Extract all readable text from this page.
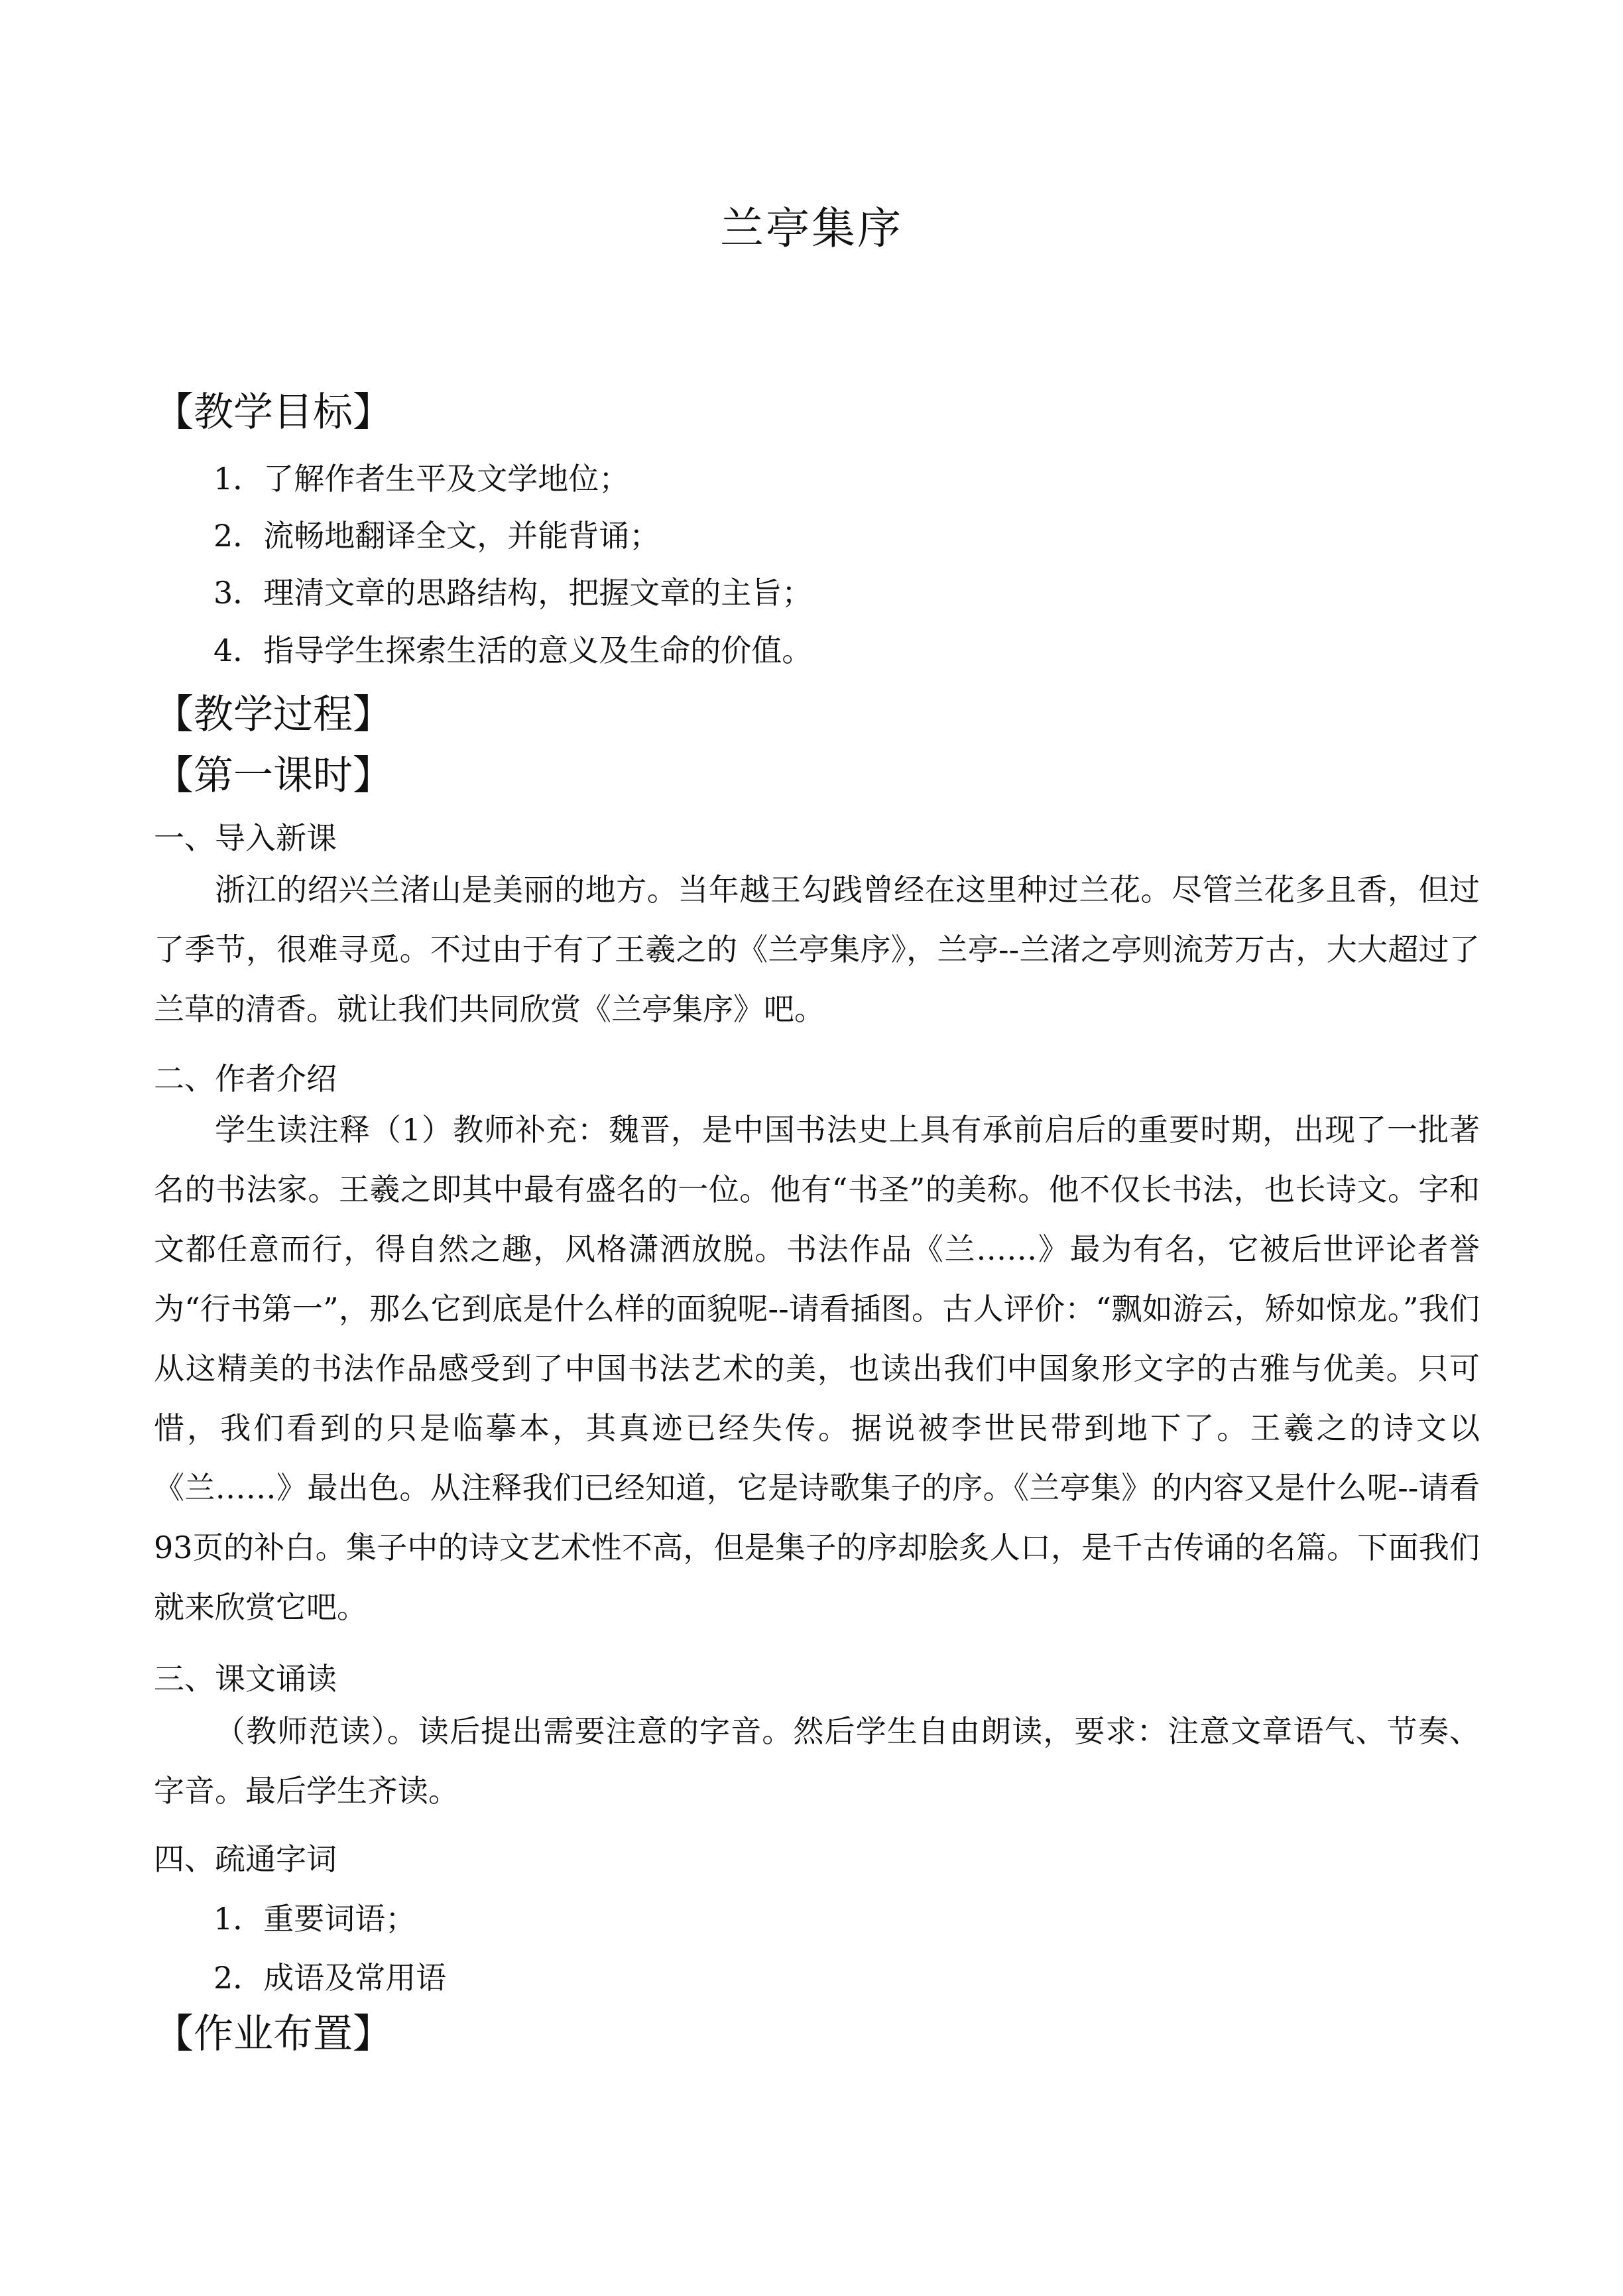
兰亭集序
【教学目标】
1．了解作者生平及文学地位；
2．流畅地翻译全文，并能背诵；
3．理清文章的思路结构，把握文章的主旨；
4．指导学生探索生活的意义及生命的价值。
【教学过程】
【第一课时】
一、导入新课

浙江的绍兴兰渚山是美丽的地方。当年越王勾践曾经在这里种过兰花。尽管兰花多且香，但过了季节，很难寻觅。不过由于有了王羲之的《兰亭集序》，兰亭--兰渚之亭则流芳万古，大大超过了兰草的清香。就让我们共同欣赏《兰亭集序》吧。

二、作者介绍

学生读注释（1）教师补充：魏晋，是中国书法史上具有承前启后的重要时期，出现了一批著名的书法家。王羲之即其中最有盛名的一位。他有“书圣”的美称。他不仅长书法，也长诗文。字和文都任意而行，得自然之趣，风格潇洒放脱。书法作品《兰……》最为有名，它被后世评论者誉为“行书第一”，那么它到底是什么样的面貌呢--请看插图。古人评价：“飘如游云，矫如惊龙。”我们从这精美的书法作品感受到了中国书法艺术的美，也读出我们中国象形文字的古雅与优美。只可惜，我们看到的只是临摹本，其真迹已经失传。据说被李世民带到地下了。王羲之的诗文以《兰……》最出色。从注释我们已经知道，它是诗歌集子的序。《兰亭集》的内容又是什么呢--请看93页的补白。集子中的诗文艺术性不高，但是集子的序却脍炙人口，是千古传诵的名篇。下面我们就来欣赏它吧。

三、课文诵读

（教师范读）。读后提出需要注意的字音。然后学生自由朗读，要求：注意文章语气、节奏、字音。最后学生齐读。

四、疏通字词
1．重要词语；
2．成语及常用语
【作业布置】
